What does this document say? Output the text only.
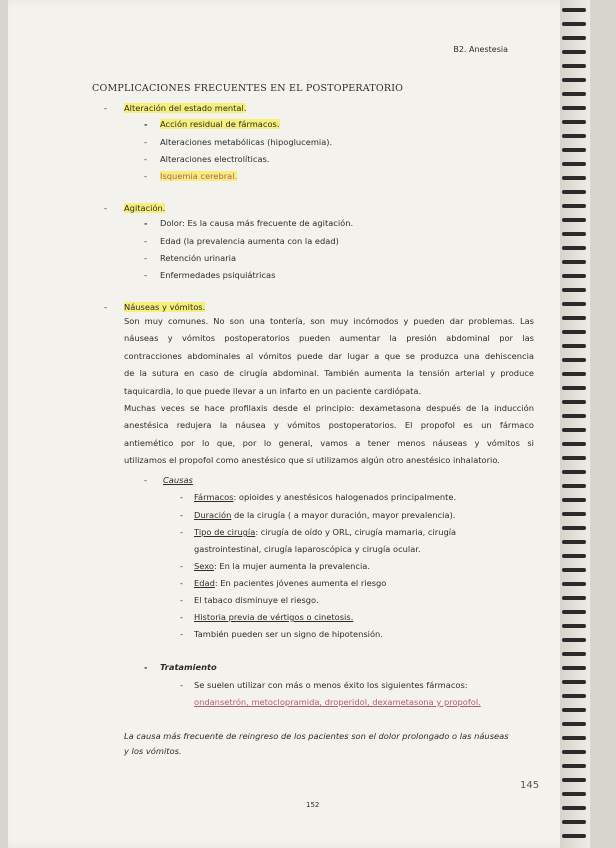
B2. Anestesia
COMPLICACIONES FRECUENTES EN EL POSTOPERATORIO
- Alteración del estado mental.
- Acción residual de fármacos.
- Alteraciones metabólicas (hipoglucemia).
- Alteraciones electrolíticas.
- Isquemia cerebral.
- Agitación.
- Dolor: Es la causa más frecuente de agitación.
- Edad (la prevalencia aumenta con la edad)
- Retención urinaria
- Enfermedades psiquiátricas
- Náuseas y vómitos.
Son muy comunes. No son una tontería, son muy incómodos y pueden dar problemas. Las
náuseas y vómitos postoperatorios pueden aumentar la presión abdominal por las
contracciones abdominales al vómitos puede dar lugar a que se produzca una dehiscencia
de la sutura en caso de cirugía abdominal. También aumenta la tensión arterial y produce
taquicardia, lo que puede llevar a un infarto en un paciente cardiópata.
Muchas veces se hace profilaxis desde el principio: dexametasona después de la inducción
anestésica redujera la náusea y vómitos postoperatorios. El propofol es un fármaco
antiemético por lo que, por lo general, vamos a tener menos náuseas y vómitos si
utilizamos el propofol como anestésico que si utilizamos algún otro anestésico inhalatorio.
- Causas
- Fármacos: opioides y anestésicos halogenados principalmente.
- Duración de la cirugía ( a mayor duración, mayor prevalencia).
- Tipo de cirugía: cirugía de oído y ORL, cirugía mamaria, cirugía
gastrointestinal, cirugía laparoscópica y cirugía ocular.
- Sexo: En la mujer aumenta la prevalencia.
- Edad: En pacientes jóvenes aumenta el riesgo
- El tabaco disminuye el riesgo.
- Historia previa de vértigos o cinetosis.
- También pueden ser un signo de hipotensión.
- Tratamiento
- Se suelen utilizar con más o menos éxito los siguientes fármacos:
ondansetrón, metoclopramida, droperidol, dexametasona y propofol.
La causa más frecuente de reingreso de los pacientes son el dolor prolongado o las náuseas
y los vómitos.
145
152
